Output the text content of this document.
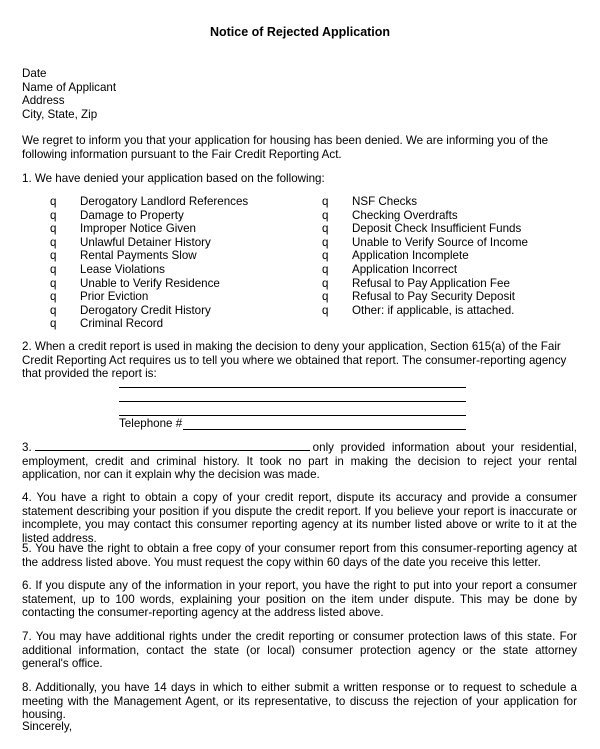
Notice of Rejected Application
Date
Name of Applicant
Address
City, State, Zip
We regret to inform you that your application for housing has been denied. We are informing you of the following information pursuant to the Fair Credit Reporting Act.
1. We have denied your application based on the following:
q	Derogatory Landlord References
q	Damage to Property
q	Improper Notice Given
q	Unlawful Detainer History
q	Rental Payments Slow
q	Lease Violations
q	Unable to Verify Residence
q	Prior Eviction
q	Derogatory Credit History
q	Criminal Record
q	NSF Checks
q	Checking Overdrafts
q	Deposit Check Insufficient Funds
q	Unable to Verify Source of Income
q	Application Incomplete
q	Application Incorrect
q	Refusal to Pay Application Fee
q	Refusal to Pay Security Deposit
q	Other: if applicable, is attached.
2. When a credit report is used in making the decision to deny your application, Section 615(a) of the Fair Credit Reporting Act requires us to tell you where we obtained that report. The consumer-reporting agency that provided the report is:
Telephone #
3.	only provided information about your residential, employment, credit and criminal history. It took no part in making the decision to reject your rental application, nor can it explain why the decision was made.
4. You have a right to obtain a copy of your credit report, dispute its accuracy and provide a consumer statement describing your position if you dispute the credit report. If you believe your report is inaccurate or incomplete, you may contact this consumer reporting agency at its number listed above or write to it at the listed address.
5. You have the right to obtain a free copy of your consumer report from this consumer-reporting agency at the address listed above. You must request the copy within 60 days of the date you receive this letter.
6. If you dispute any of the information in your report, you have the right to put into your report a consumer statement, up to 100 words, explaining your position on the item under dispute. This may be done by contacting the consumer-reporting agency at the address listed above.
7. You may have additional rights under the credit reporting or consumer protection laws of this state. For additional information, contact the state (or local) consumer protection agency or the state attorney general's office.
8. Additionally, you have 14 days in which to either submit a written response or to request to schedule a meeting with the Management Agent, or its representative, to discuss the rejection of your application for housing.
Sincerely,
